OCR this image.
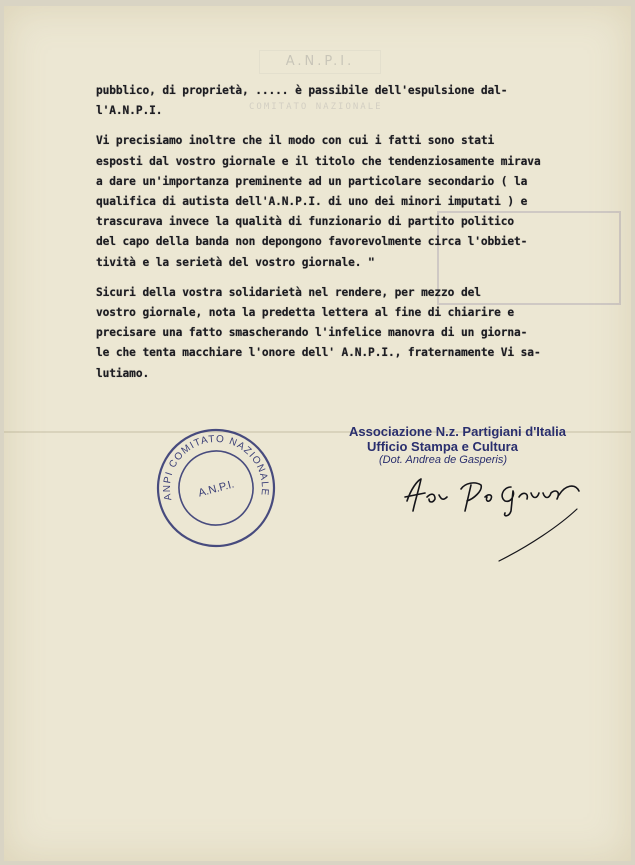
A.N.P.I.
COMITATO NAZIONALE
pubblico, di proprietà, ..... è passibile dell'espulsione dal-
l'A.N.P.I.
Vi precisiamo inoltre che il modo con cui i fatti sono stati
esposti dal vostro giornale e il titolo che tendenziosamente mirava
a dare un'importanza preminente ad un particolare secondario ( la
qualifica di autista dell'A.N.P.I. di uno dei minori imputati ) e
trascurava invece la qualità di funzionario di partito politico
del capo della banda non depongono favorevolmente circa l'obbiet-
tività e la serietà del vostro giornale. "
Sicuri della vostra solidarietà nel rendere, per mezzo del
vostro giornale, nota la predetta lettera al fine di chiarire e
precisare una fatto smascherando l'infelice manovra di un giorna-
le che tenta macchiare l'onore dell' A.N.P.I., fraternamente Vi sa-
lutiamo.
ANPI COMITATO NAZIONALE
A.N.P.I.
Associazione N.z. Partigiani d'Italia
Ufficio Stampa e Cultura
(Dot. Andrea de Gasperis)
